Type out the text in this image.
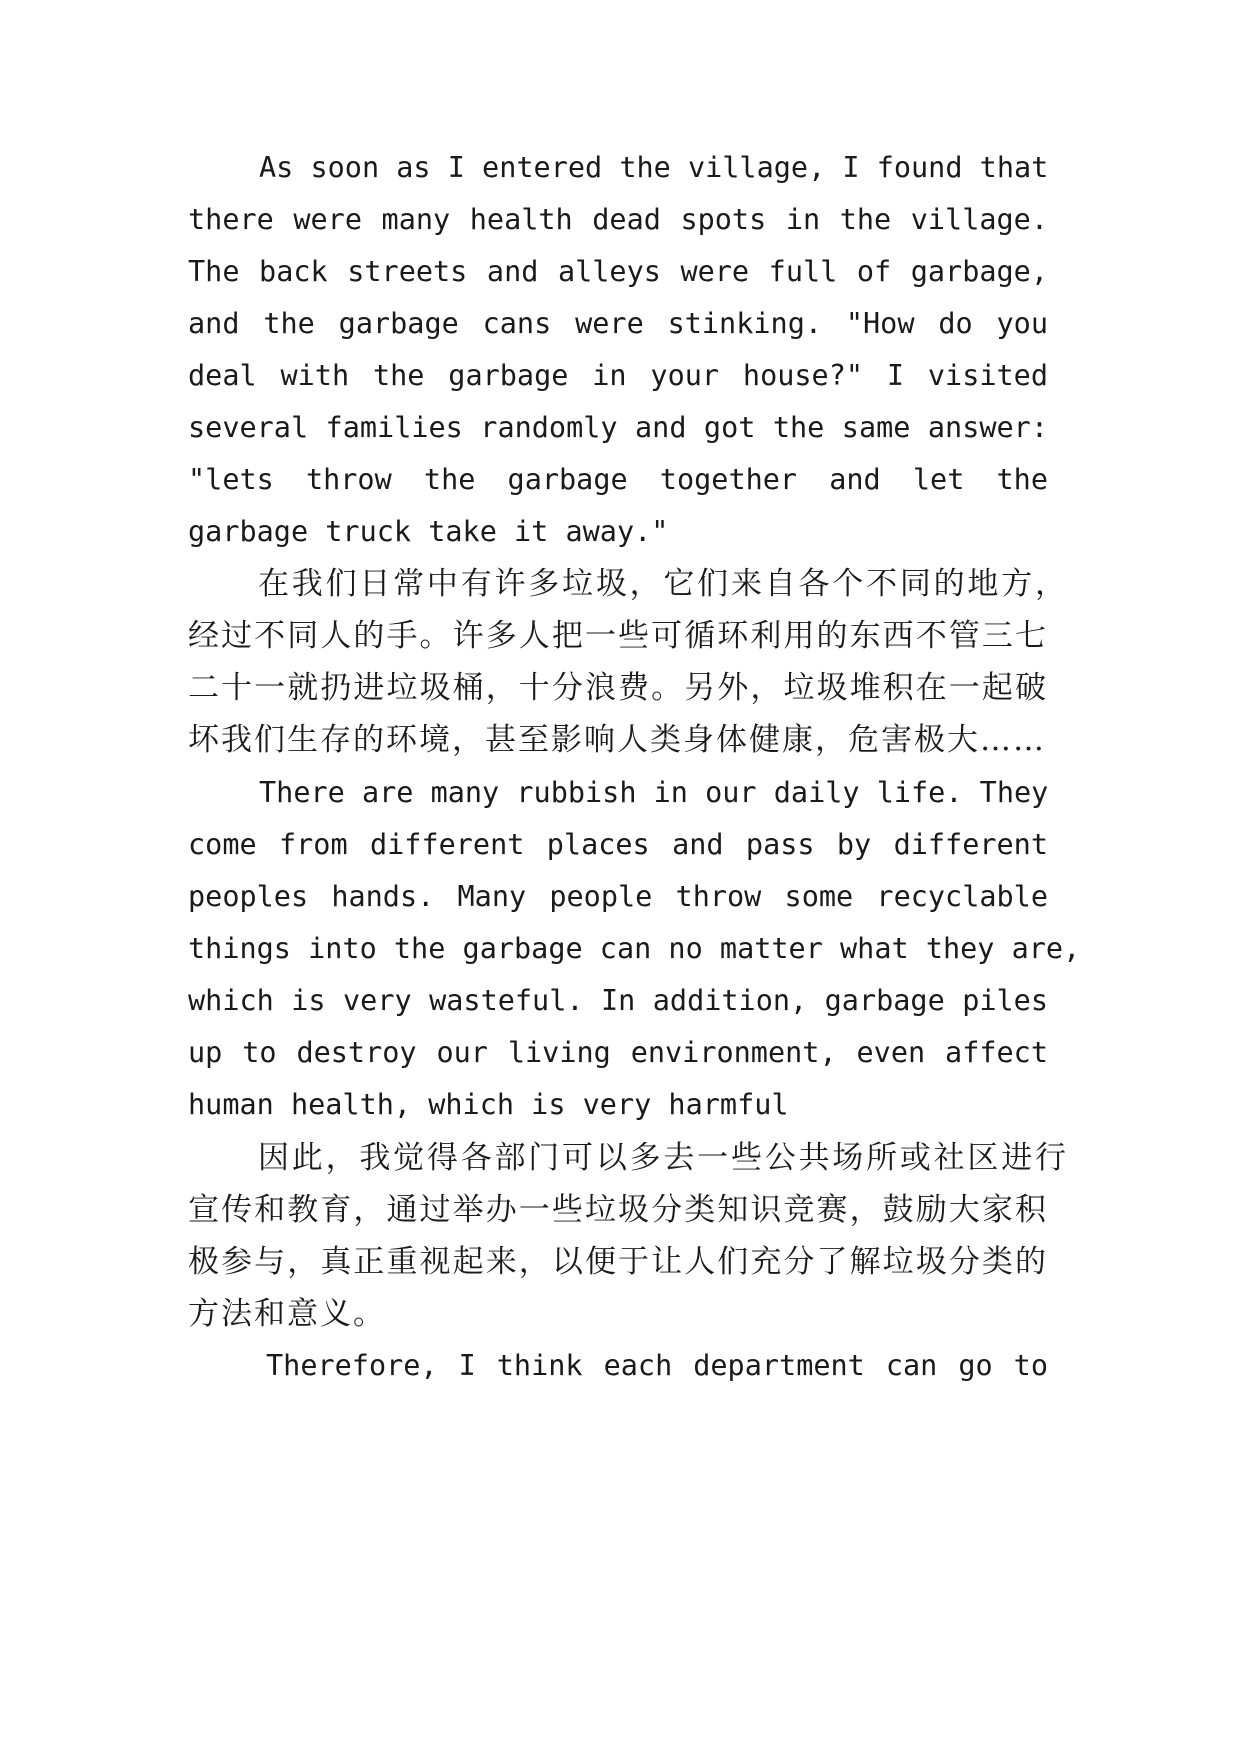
As soon as I entered the village, I found that
there were many health dead spots in the village.
The back streets and alleys were full of garbage,
and the garbage cans were stinking. "How do you
deal with the garbage in your house?" I visited
several families randomly and got the same answer:
"lets throw the garbage together and let the
garbage truck take it away."
在我们日常中有许多垃圾，它们来自各个不同的地方，
经过不同人的手。许多人把一些可循环利用的东西不管三七
二十一就扔进垃圾桶，十分浪费。另外，垃圾堆积在一起破
坏我们生存的环境，甚至影响人类身体健康，危害极大……
There are many rubbish in our daily life. They
come from different places and pass by different
peoples hands. Many people throw some recyclable
things into the garbage can no matter what they are,
which is very wasteful. In addition, garbage piles
up to destroy our living environment, even affect
human health, which is very harmful
因此，我觉得各部门可以多去一些公共场所或社区进行
宣传和教育，通过举办一些垃圾分类知识竞赛，鼓励大家积
极参与，真正重视起来，以便于让人们充分了解垃圾分类的
方法和意义。
Therefore, I think each department can go to
